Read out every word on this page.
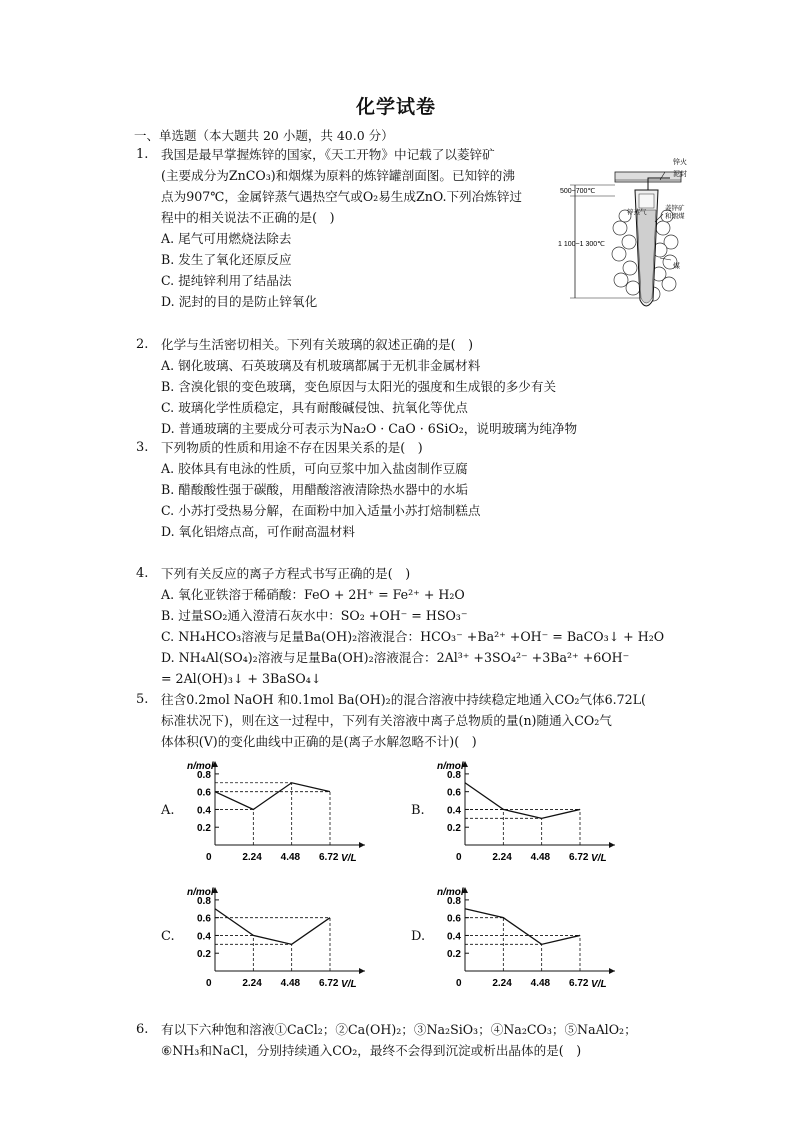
化学试卷
一、单选题（本大题共 20 小题，共 40.0 分）
1. 我国是最早掌握炼锌的国家，《天工开物》中记载了以菱锌矿
(主要成分为ZnCO₃)和烟煤为原料的炼锌罐剖面图。已知锌的沸
点为907℃，金属锌蒸气遇热空气或O₂易生成ZnO.下列冶炼锌过
程中的相关说法不正确的是(　)
A. 尾气可用燃烧法除去
B. 发生了氧化还原反应
C. 提纯锌利用了结晶法
D. 泥封的目的是防止锌氧化
锌火
泥封
500~700℃
锌蒸气
菱锌矿
和烟煤
1 100~1 300℃
煤
2. 化学与生活密切相关。下列有关玻璃的叙述正确的是(　)
A. 钢化玻璃、石英玻璃及有机玻璃都属于无机非金属材料
B. 含溴化银的变色玻璃，变色原因与太阳光的强度和生成银的多少有关
C. 玻璃化学性质稳定，具有耐酸碱侵蚀、抗氧化等优点
D. 普通玻璃的主要成分可表示为Na₂O · CaO · 6SiO₂，说明玻璃为纯净物
3. 下列物质的性质和用途不存在因果关系的是(　)
A. 胶体具有电泳的性质，可向豆浆中加入盐卤制作豆腐
B. 醋酸酸性强于碳酸，用醋酸溶液清除热水器中的水垢
C. 小苏打受热易分解，在面粉中加入适量小苏打焙制糕点
D. 氧化铝熔点高，可作耐高温材料
4. 下列有关反应的离子方程式书写正确的是(　)
A. 氧化亚铁溶于稀硝酸：FeO + 2H⁺ = Fe²⁺ + H₂O
B. 过量SO₂通入澄清石灰水中：SO₂ +OH⁻ = HSO₃⁻
C. NH₄HCO₃溶液与足量Ba(OH)₂溶液混合：HCO₃⁻ +Ba²⁺ +OH⁻ = BaCO₃↓ + H₂O
D. NH₄Al(SO₄)₂溶液与足量Ba(OH)₂溶液混合：2Al³⁺ +3SO₄²⁻ +3Ba²⁺ +6OH⁻
= 2Al(OH)₃↓ + 3BaSO₄↓
5. 往含0.2mol NaOH 和0.1mol Ba(OH)₂的混合溶液中持续稳定地通入CO₂气体6.72L(
标准状况下)，则在这一过程中，下列有关溶液中离子总物质的量(n)随通入CO₂气
体体积(V)的变化曲线中正确的是(离子水解忽略不计)(　)
A.	B.
C.	D.
n/mol
V/L
0
0.8
0.6
0.4
0.2
2.24 4.48 6.72
n/mol
V/L
0
0.8
0.6
0.4
0.2
2.24 4.48 6.72
n/mol
V/L
0
0.8
0.6
0.4
0.2
2.24 4.48 6.72
n/mol
V/L
0
0.8
0.6
0.4
0.2
2.24 4.48 6.72
6. 有以下六种饱和溶液①CaCl₂；②Ca(OH)₂；③Na₂SiO₃；④Na₂CO₃；⑤NaAlO₂；
⑥NH₃和NaCl，分别持续通入CO₂，最终不会得到沉淀或析出晶体的是(　)
